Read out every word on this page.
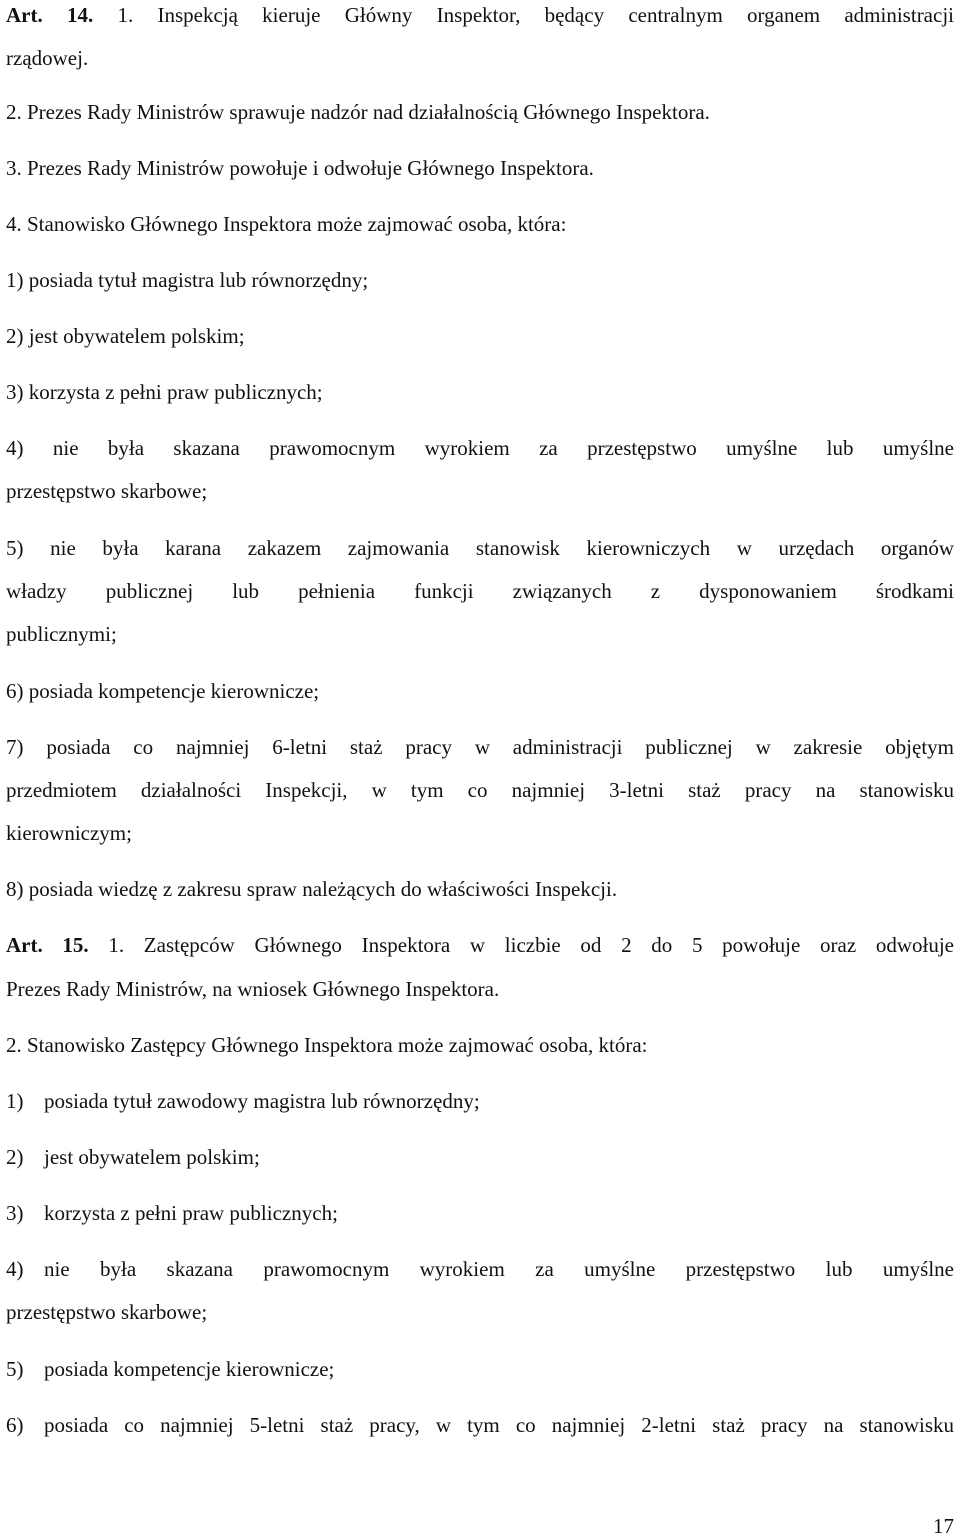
Art. 14. 1. Inspekcją kieruje Główny Inspektor, będący centralnym organem administracji
rządowej.
2. Prezes Rady Ministrów sprawuje nadzór nad działalnością Głównego Inspektora.
3. Prezes Rady Ministrów powołuje i odwołuje Głównego Inspektora.
4. Stanowisko Głównego Inspektora może zajmować osoba, która:
1) posiada tytuł magistra lub równorzędny;
2) jest obywatelem polskim;
3) korzysta z pełni praw publicznych;
4) nie była skazana prawomocnym wyrokiem za przestępstwo umyślne lub umyślne
przestępstwo skarbowe;
5) nie była karana zakazem zajmowania stanowisk kierowniczych w urzędach organów
władzy publicznej lub pełnienia funkcji związanych z dysponowaniem środkami
publicznymi;
6) posiada kompetencje kierownicze;
7) posiada co najmniej 6-letni staż pracy w administracji publicznej w zakresie objętym
przedmiotem działalności Inspekcji, w tym co najmniej 3-letni staż pracy na stanowisku
kierowniczym;
8) posiada wiedzę z zakresu spraw należących do właściwości Inspekcji.
Art. 15. 1. Zastępców Głównego Inspektora w liczbie od 2 do 5 powołuje oraz odwołuje
Prezes Rady Ministrów, na wniosek Głównego Inspektora.
2. Stanowisko Zastępcy Głównego Inspektora może zajmować osoba, która:
1) posiada tytuł zawodowy magistra lub równorzędny;
2) jest obywatelem polskim;
3) korzysta z pełni praw publicznych;
4) nie była skazana prawomocnym wyrokiem za umyślne przestępstwo lub umyślne
przestępstwo skarbowe;
5) posiada kompetencje kierownicze;
6) posiada co najmniej 5-letni staż pracy, w tym co najmniej 2-letni staż pracy na stanowisku
17
